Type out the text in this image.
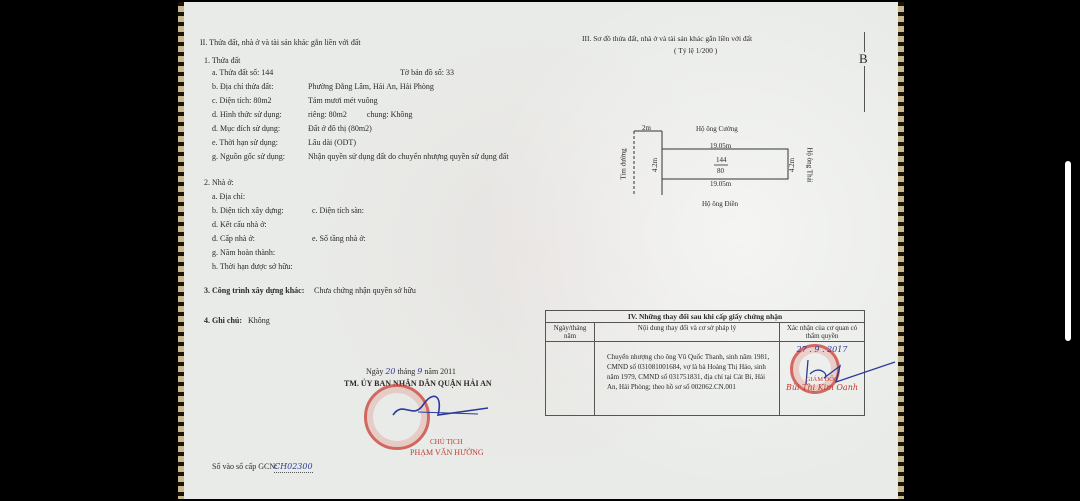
II. Thửa đất, nhà ở và tài sản khác gắn liền với đất
1. Thửa đất
a. Thửa đất số: 144	Tờ bản đồ số: 33
b. Địa chỉ thửa đất:	Phường Đằng Lâm, Hải An, Hải Phòng
c. Diện tích: 80m2	Tám mươi mét vuông
d. Hình thức sử dụng:	riêng: 80m2          chung: Không
đ. Mục đích sử dụng:	Đất ở đô thị (80m2)
e. Thời hạn sử dụng:	Lâu dài (ODT)
g. Nguồn gốc sử dụng:	Nhận quyền sử dụng đất do chuyển nhượng quyền sử dụng đất
2. Nhà ở:
a. Địa chỉ:
b. Diện tích xây dựng:	c. Diện tích sàn:
d. Kết cấu nhà ở:
đ. Cấp nhà ở:	e. Số tầng nhà ở:
g. Năm hoàn thành:
h. Thời hạn được sở hữu:
3. Công trình xây dựng khác: Chưa chứng nhận quyền sở hữu
4. Ghi chú: Không
Ngày 20 tháng 9 năm 2011
TM. ỦY BAN NHÂN DÂN QUẬN HẢI AN
CHỦ TỊCH
PHẠM VĂN HƯỜNG
Số vào sổ cấp GCN:
CH02300
III. Sơ đồ thửa đất, nhà ở và tài sản khác gắn liền với đất
( Tỷ lệ 1/200 )
B
2m	Hộ ông Cường
19.05m
144
80
19.05m
Hộ ông Điền
Tim đường	4.2m	4.2m Hộ ông Thái
IV. Những thay đổi sau khi cấp giấy chứng nhận		
Ngày/tháng năm	Nội dung thay đổi và cơ sở pháp lý	Xác nhận của cơ quan có thẩm quyền
	Chuyển nhượng cho ông Vũ Quốc Thanh, sinh năm 1981, CMND số 031081001684, vợ là bà Hoàng Thị Hảo, sinh năm 1979, CMND số 031751831, địa chỉ tại Cát Bi, Hải An, Hải Phòng; theo hồ sơ số 002062.CN.001	27 . 9 . 2017
GIÁM ĐỐC
Bùi Thị Kim Oanh
